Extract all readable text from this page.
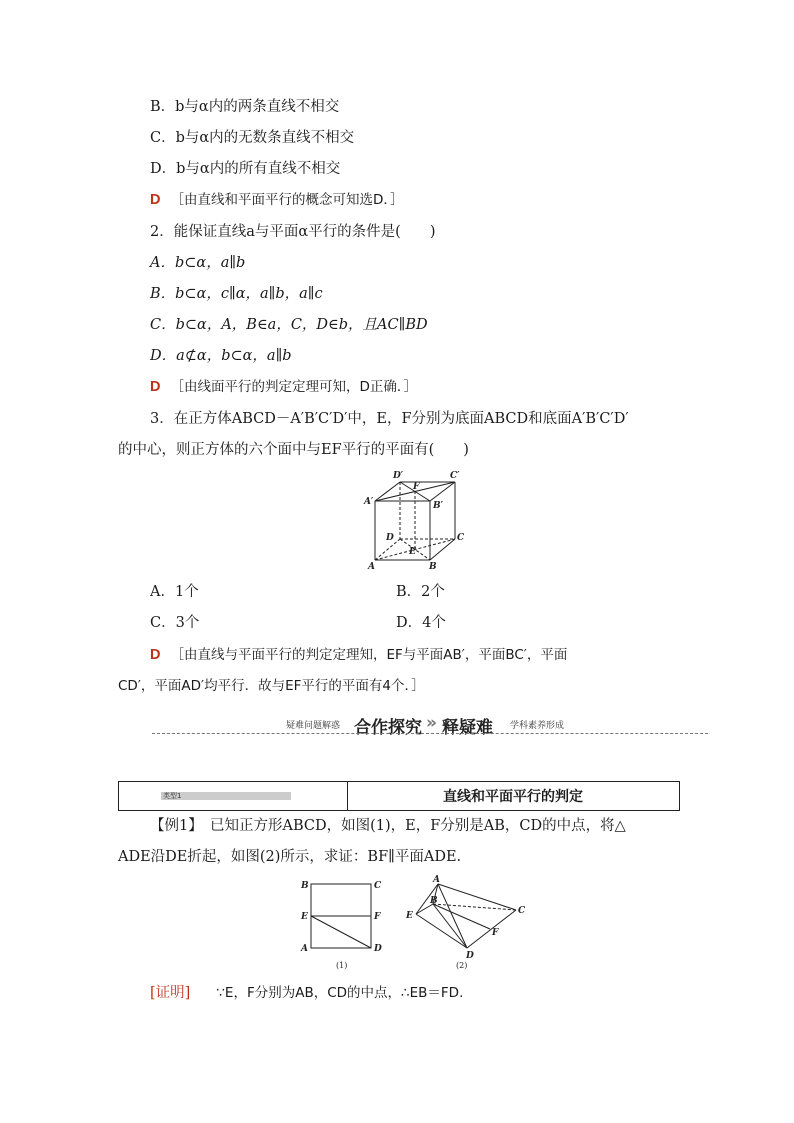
B．b与α内的两条直线不相交
C．b与α内的无数条直线不相交
D．b与α内的所有直线不相交
D ［由直线和平面平行的概念可知选D．］
2．能保证直线a与平面α平行的条件是(　　)
A．b⊂α，a∥b
B．b⊂α，c∥α，a∥b，a∥c
C．b⊂α，A，B∈a，C，D∈b，且AC∥BD
D．a⊄α，b⊂α，a∥b
D ［由线面平行的判定定理可知，D正确．］
3．在正方体ABCD－A′B′C′D′中，E，F分别为底面ABCD和底面A′B′C′D′
的中心，则正方体的六个面中与EF平行的平面有(　　)
D′	C′
A′	B′
F
D	C
E
A	B
A．1个	B．2个
C．3个	D．4个
D ［由直线与平面平行的判定定理知，EF与平面AB′，平面BC′，平面
CD′，平面AD′均平行．故与EF平行的平面有4个．］
疑难问题解惑 合作探究 » 释疑难 学科素养形成
类型1	直线和平面平行的判定
【例1】　已知正方形ABCD，如图(1)，E，F分别是AB，CD的中点，将△
ADE沿DE折起，如图(2)所示，求证：BF∥平面ADE.
B	C
E	F
A	D
(1)
A
B
E	C
F
D
(2)
[证明] ∵E，F分别为AB，CD的中点，∴EB＝FD.
